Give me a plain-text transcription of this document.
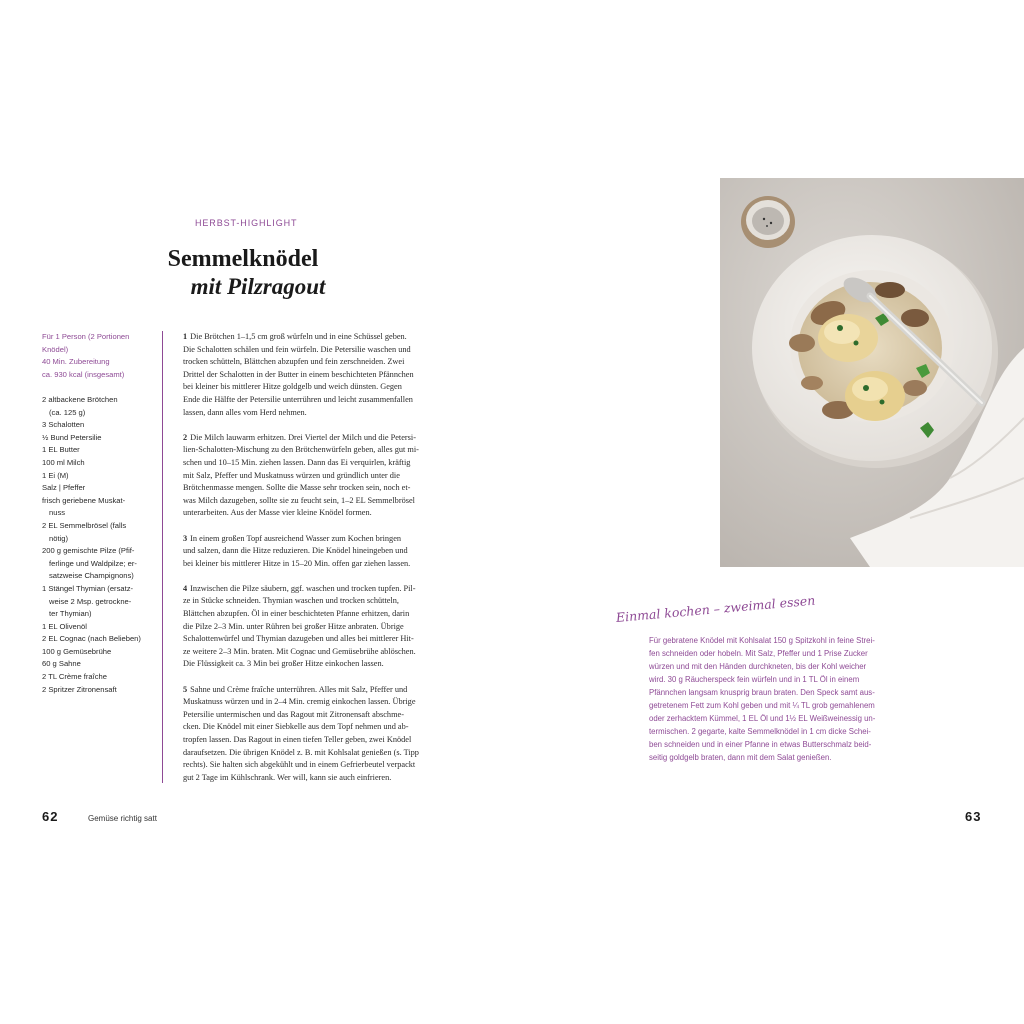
HERBST-HIGHLIGHT
Semmelknödel
mit Pilzragout
Für 1 Person (2 Portionen
Knödel)
40 Min. Zubereitung
ca. 930 kcal (insgesamt)
2 altbackene Brötchen
(ca. 125 g)
3 Schalotten
½ Bund Petersilie
1 EL Butter
100 ml Milch
1 Ei (M)
Salz | Pfeffer
frisch geriebene Muskat-
nuss
2 EL Semmelbrösel (falls
nötig)
200 g gemischte Pilze (Pfif-
ferlinge und Waldpilze; er-
satzweise Champignons)
1 Stängel Thymian (ersatz-
weise 2 Msp. getrockne-
ter Thymian)
1 EL Olivenöl
2 EL Cognac (nach Belieben)
100 g Gemüsebrühe
60 g Sahne
2 TL Crème fraîche
2 Spritzer Zitronensaft
1 Die Brötchen 1–1,5 cm groß würfeln und in eine Schüssel geben.
Die Schalotten schälen und fein würfeln. Die Petersilie waschen und
trocken schütteln, Blättchen abzupfen und fein zerschneiden. Zwei
Drittel der Schalotten in der Butter in einem beschichteten Pfännchen
bei kleiner bis mittlerer Hitze goldgelb und weich dünsten. Gegen
Ende die Hälfte der Petersilie unterrühren und leicht zusammenfallen
lassen, dann alles vom Herd nehmen.
2 Die Milch lauwarm erhitzen. Drei Viertel der Milch und die Petersi-
lien-Schalotten-Mischung zu den Brötchenwürfeln geben, alles gut mi-
schen und 10–15 Min. ziehen lassen. Dann das Ei verquirlen, kräftig
mit Salz, Pfeffer und Muskatnuss würzen und gründlich unter die
Brötchenmasse mengen. Sollte die Masse sehr trocken sein, noch et-
was Milch dazugeben, sollte sie zu feucht sein, 1–2 EL Semmelbrösel
unterarbeiten. Aus der Masse vier kleine Knödel formen.
3 In einem großen Topf ausreichend Wasser zum Kochen bringen
und salzen, dann die Hitze reduzieren. Die Knödel hineingeben und
bei kleiner bis mittlerer Hitze in 15–20 Min. offen gar ziehen lassen.
4 Inzwischen die Pilze säubern, ggf. waschen und trocken tupfen. Pil-
ze in Stücke schneiden. Thymian waschen und trocken schütteln,
Blättchen abzupfen. Öl in einer beschichteten Pfanne erhitzen, darin
die Pilze 2–3 Min. unter Rühren bei großer Hitze anbraten. Übrige
Schalottenwürfel und Thymian dazugeben und alles bei mittlerer Hit-
ze weitere 2–3 Min. braten. Mit Cognac und Gemüsebrühe ablöschen.
Die Flüssigkeit ca. 3 Min bei großer Hitze einkochen lassen.
5 Sahne und Crème fraîche unterrühren. Alles mit Salz, Pfeffer und
Muskatnuss würzen und in 2–4 Min. cremig einkochen lassen. Übrige
Petersilie untermischen und das Ragout mit Zitronensaft abschme-
cken. Die Knödel mit einer Siebkelle aus dem Topf nehmen und ab-
tropfen lassen. Das Ragout in einen tiefen Teller geben, zwei Knödel
daraufsetzen. Die übrigen Knödel z. B. mit Kohlsalat genießen (s. Tipp
rechts). Sie halten sich abgekühlt und in einem Gefrierbeutel verpackt
gut 2 Tage im Kühlschrank. Wer will, kann sie auch einfrieren.
62	Gemüse richtig satt
Einmal kochen – zweimal essen
Für gebratene Knödel mit Kohlsalat 150 g Spitzkohl in feine Strei-
fen schneiden oder hobeln. Mit Salz, Pfeffer und 1 Prise Zucker
würzen und mit den Händen durchkneten, bis der Kohl weicher
wird. 30 g Räucherspeck fein würfeln und in 1 TL Öl in einem
Pfännchen langsam knusprig braun braten. Den Speck samt aus-
getretenem Fett zum Kohl geben und mit ¼ TL grob gemahlenem
oder zerhacktem Kümmel, 1 EL Öl und 1½ EL Weißweinessig un-
termischen. 2 gegarte, kalte Semmelknödel in 1 cm dicke Schei-
ben schneiden und in einer Pfanne in etwas Butterschmalz beid-
seitig goldgelb braten, dann mit dem Salat genießen.
63
